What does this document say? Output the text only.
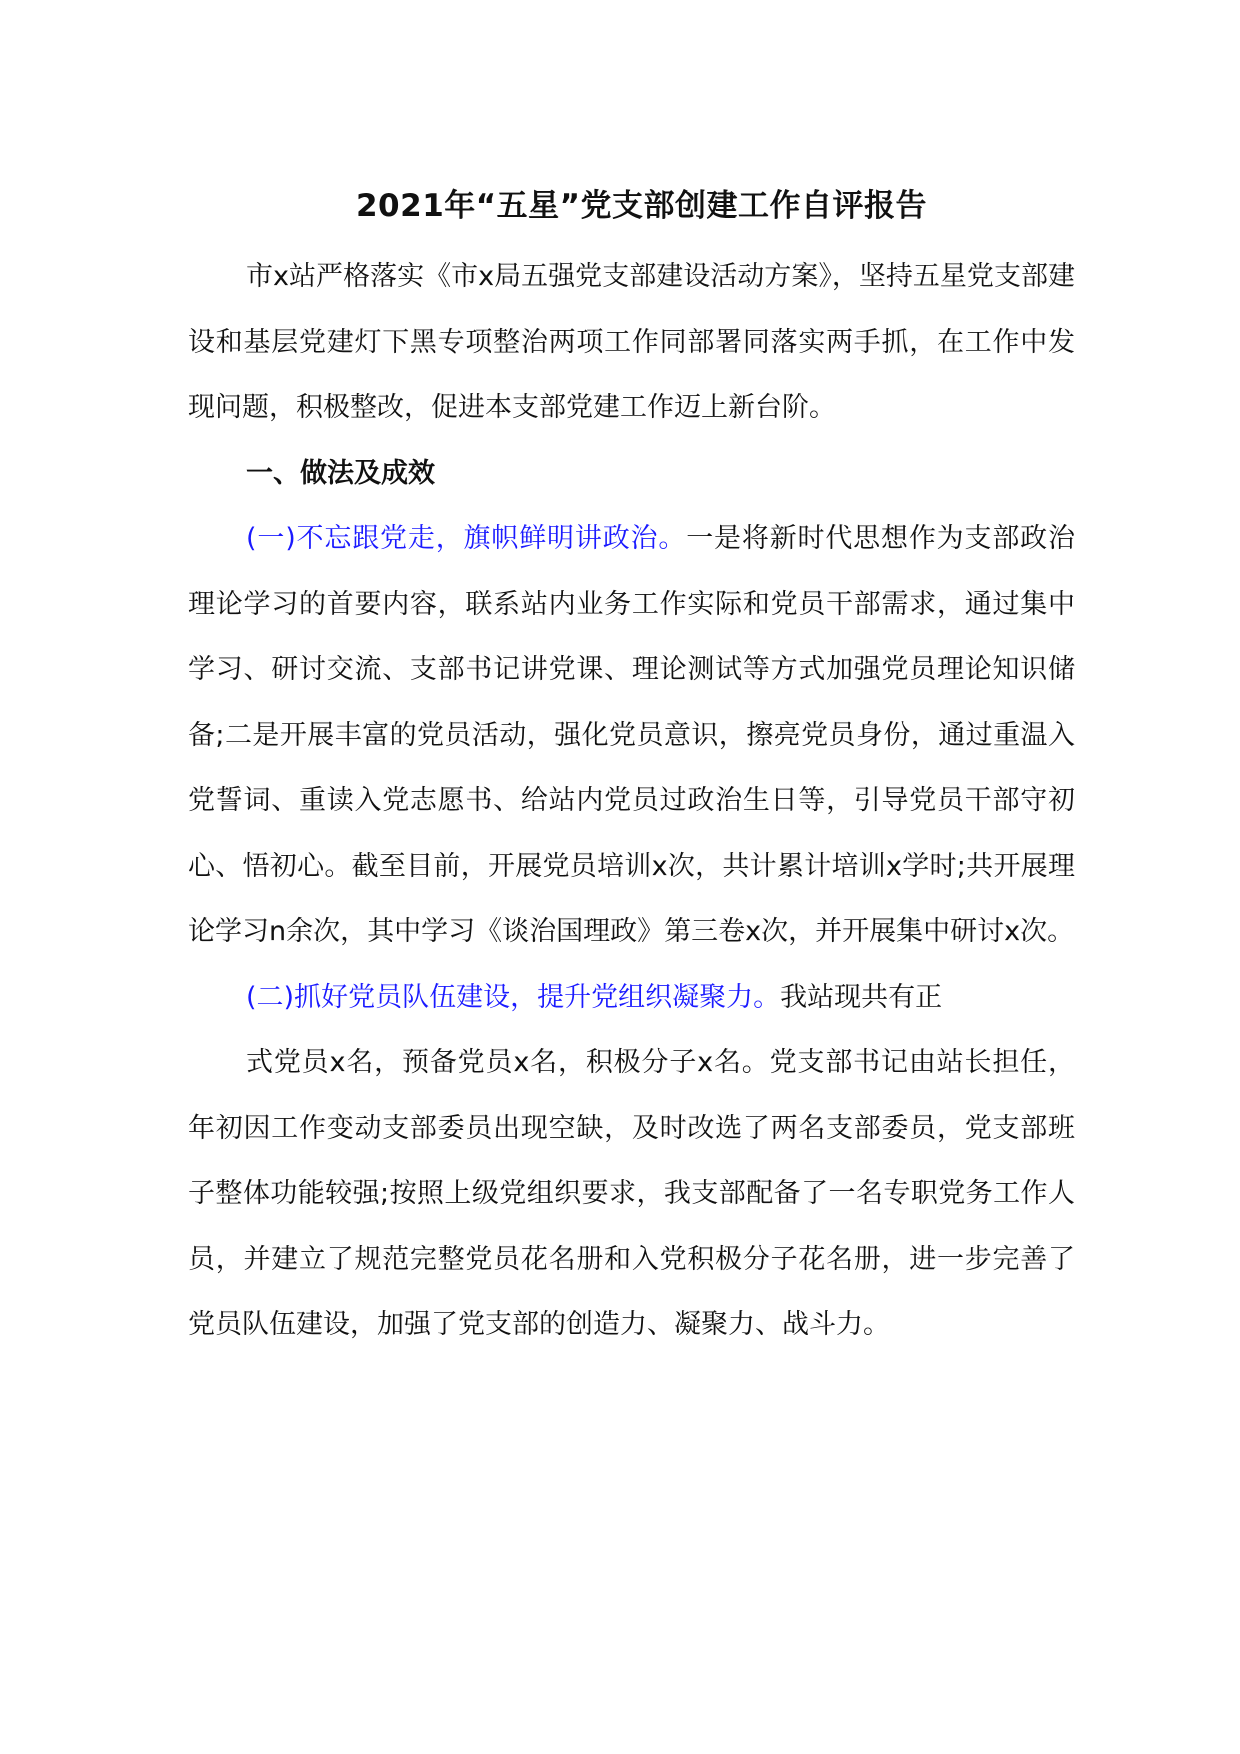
2021年“五星”党支部创建工作自评报告

市x站严格落实《市x局五强党支部建设活动方案》，坚持五星党支部建设和基层党建灯下黑专项整治两项工作同部署同落实两手抓，在工作中发现问题，积极整改，促进本支部党建工作迈上新台阶。

一、做法及成效

(一)不忘跟党走，旗帜鲜明讲政治。一是将新时代思想作为支部政治理论学习的首要内容，联系站内业务工作实际和党员干部需求，通过集中学习、研讨交流、支部书记讲党课、理论测试等方式加强党员理论知识储备;二是开展丰富的党员活动，强化党员意识，擦亮党员身份，通过重温入党誓词、重读入党志愿书、给站内党员过政治生日等，引导党员干部守初心、悟初心。截至目前，开展党员培训x次，共计累计培训x学时;共开展理论学习n余次，其中学习《谈治国理政》第三卷x次，并开展集中研讨x次。

(二)抓好党员队伍建设，提升党组织凝聚力。我站现共有正

式党员x名，预备党员x名，积极分子x名。党支部书记由站长担任，年初因工作变动支部委员出现空缺，及时改选了两名支部委员，党支部班子整体功能较强;按照上级党组织要求，我支部配备了一名专职党务工作人员，并建立了规范完整党员花名册和入党积极分子花名册，进一步完善了党员队伍建设，加强了党支部的创造力、凝聚力、战斗力。
